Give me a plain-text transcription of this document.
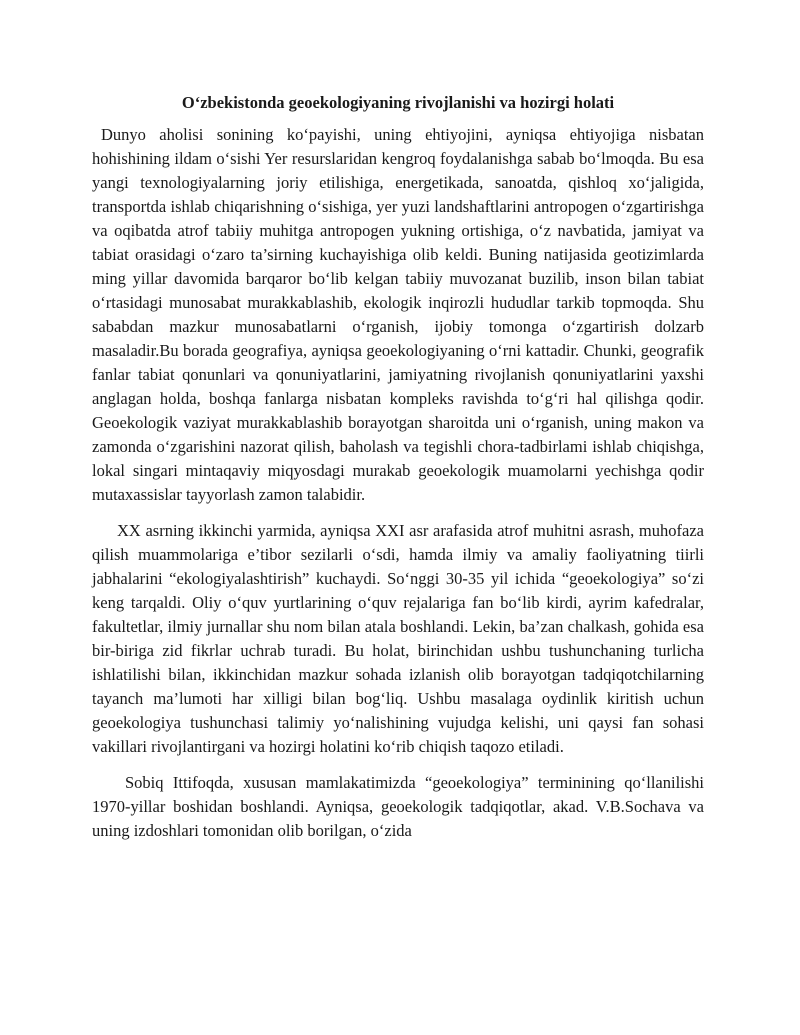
O‘zbekistonda geoekologiyaning rivojlanishi va hozirgi holati

Dunyo aholisi sonining ko‘payishi, uning ehtiyojini, ayniqsa ehtiyojiga nisbatan hohishining ildam o‘sishi Yer resurslaridan kengroq foydalanishga sabab bo‘lmoqda. Bu esa yangi texnologiyalarning joriy etilishiga, energetikada, sanoatda, qishloq xo‘jaligida, transportda ishlab chiqarishning o‘sishiga, yer yuzi landshaftlarini antropogen o‘zgartirishga va oqibatda atrof tabiiy muhitga antropogen yukning ortishiga, o‘z navbatida, jamiyat va tabiat orasidagi o‘zaro ta’sirning kuchayishiga olib keldi. Buning natijasida geotizimlarda ming yillar davomida barqaror bo‘lib kelgan tabiiy muvozanat buzilib, inson bilan tabiat o‘rtasidagi munosabat murakkablashib, ekologik inqirozli hududlar tarkib topmoqda. Shu sababdan mazkur munosabatlarni o‘rganish, ijobiy tomonga o‘zgartirish dolzarb masaladir.Bu borada geografiya, ayniqsa geoekologiyaning o‘rni kattadir. Chunki, geografik fanlar tabiat qonunlari va qonuniyatlarini, jamiyatning rivojlanish qonuniyatlarini yaxshi anglagan holda, boshqa fanlarga nisbatan kompleks ravishda to‘g‘ri hal qilishga qodir. Geoekologik vaziyat murakkablashib borayotgan sharoitda uni o‘rganish, uning makon va zamonda o‘zgarishini nazorat qilish, baholash va tegishli chora-tadbirlami ishlab chiqishga, lokal singari mintaqaviy miqyosdagi murakab geoekologik muamolarni yechishga qodir mutaxassislar tayyorlash zamon talabidir.

XX asrning ikkinchi yarmida, ayniqsa XXI asr arafasida atrof muhitni asrash, muhofaza qilish muammolariga e’tibor sezilarli o‘sdi, hamda ilmiy va amaliy faoliyatning tiirli jabhalarini “ekologiyalashtirish” kuchaydi. So‘nggi 30-35 yil ichida “geoekologiya” so‘zi keng tarqaldi. Oliy o‘quv yurtlarining o‘quv rejalariga fan bo‘lib kirdi, ayrim kafedralar, fakultetlar, ilmiy jurnallar shu nom bilan atala boshlandi. Lekin, ba’zan chalkash, gohida esa bir-biriga zid fikrlar uchrab turadi. Bu holat, birinchidan ushbu tushunchaning turlicha ishlatilishi bilan, ikkinchidan mazkur sohada izlanish olib borayotgan tadqiqotchilarning tayanch ma’lumoti har xilligi bilan bog‘liq. Ushbu masalaga oydinlik kiritish uchun geoekologiya tushunchasi talimiy yo‘nalishining vujudga kelishi, uni qaysi fan sohasi vakillari rivojlantirgani va hozirgi holatini ko‘rib chiqish taqozo etiladi.

Sobiq Ittifoqda, xususan mamlakatimizda “geoekologiya” terminining qo‘llanilishi 1970-yillar boshidan boshlandi. Ayniqsa, geoekologik tadqiqotlar, akad. V.B.Sochava va uning izdoshlari tomonidan olib borilgan, o‘zida
